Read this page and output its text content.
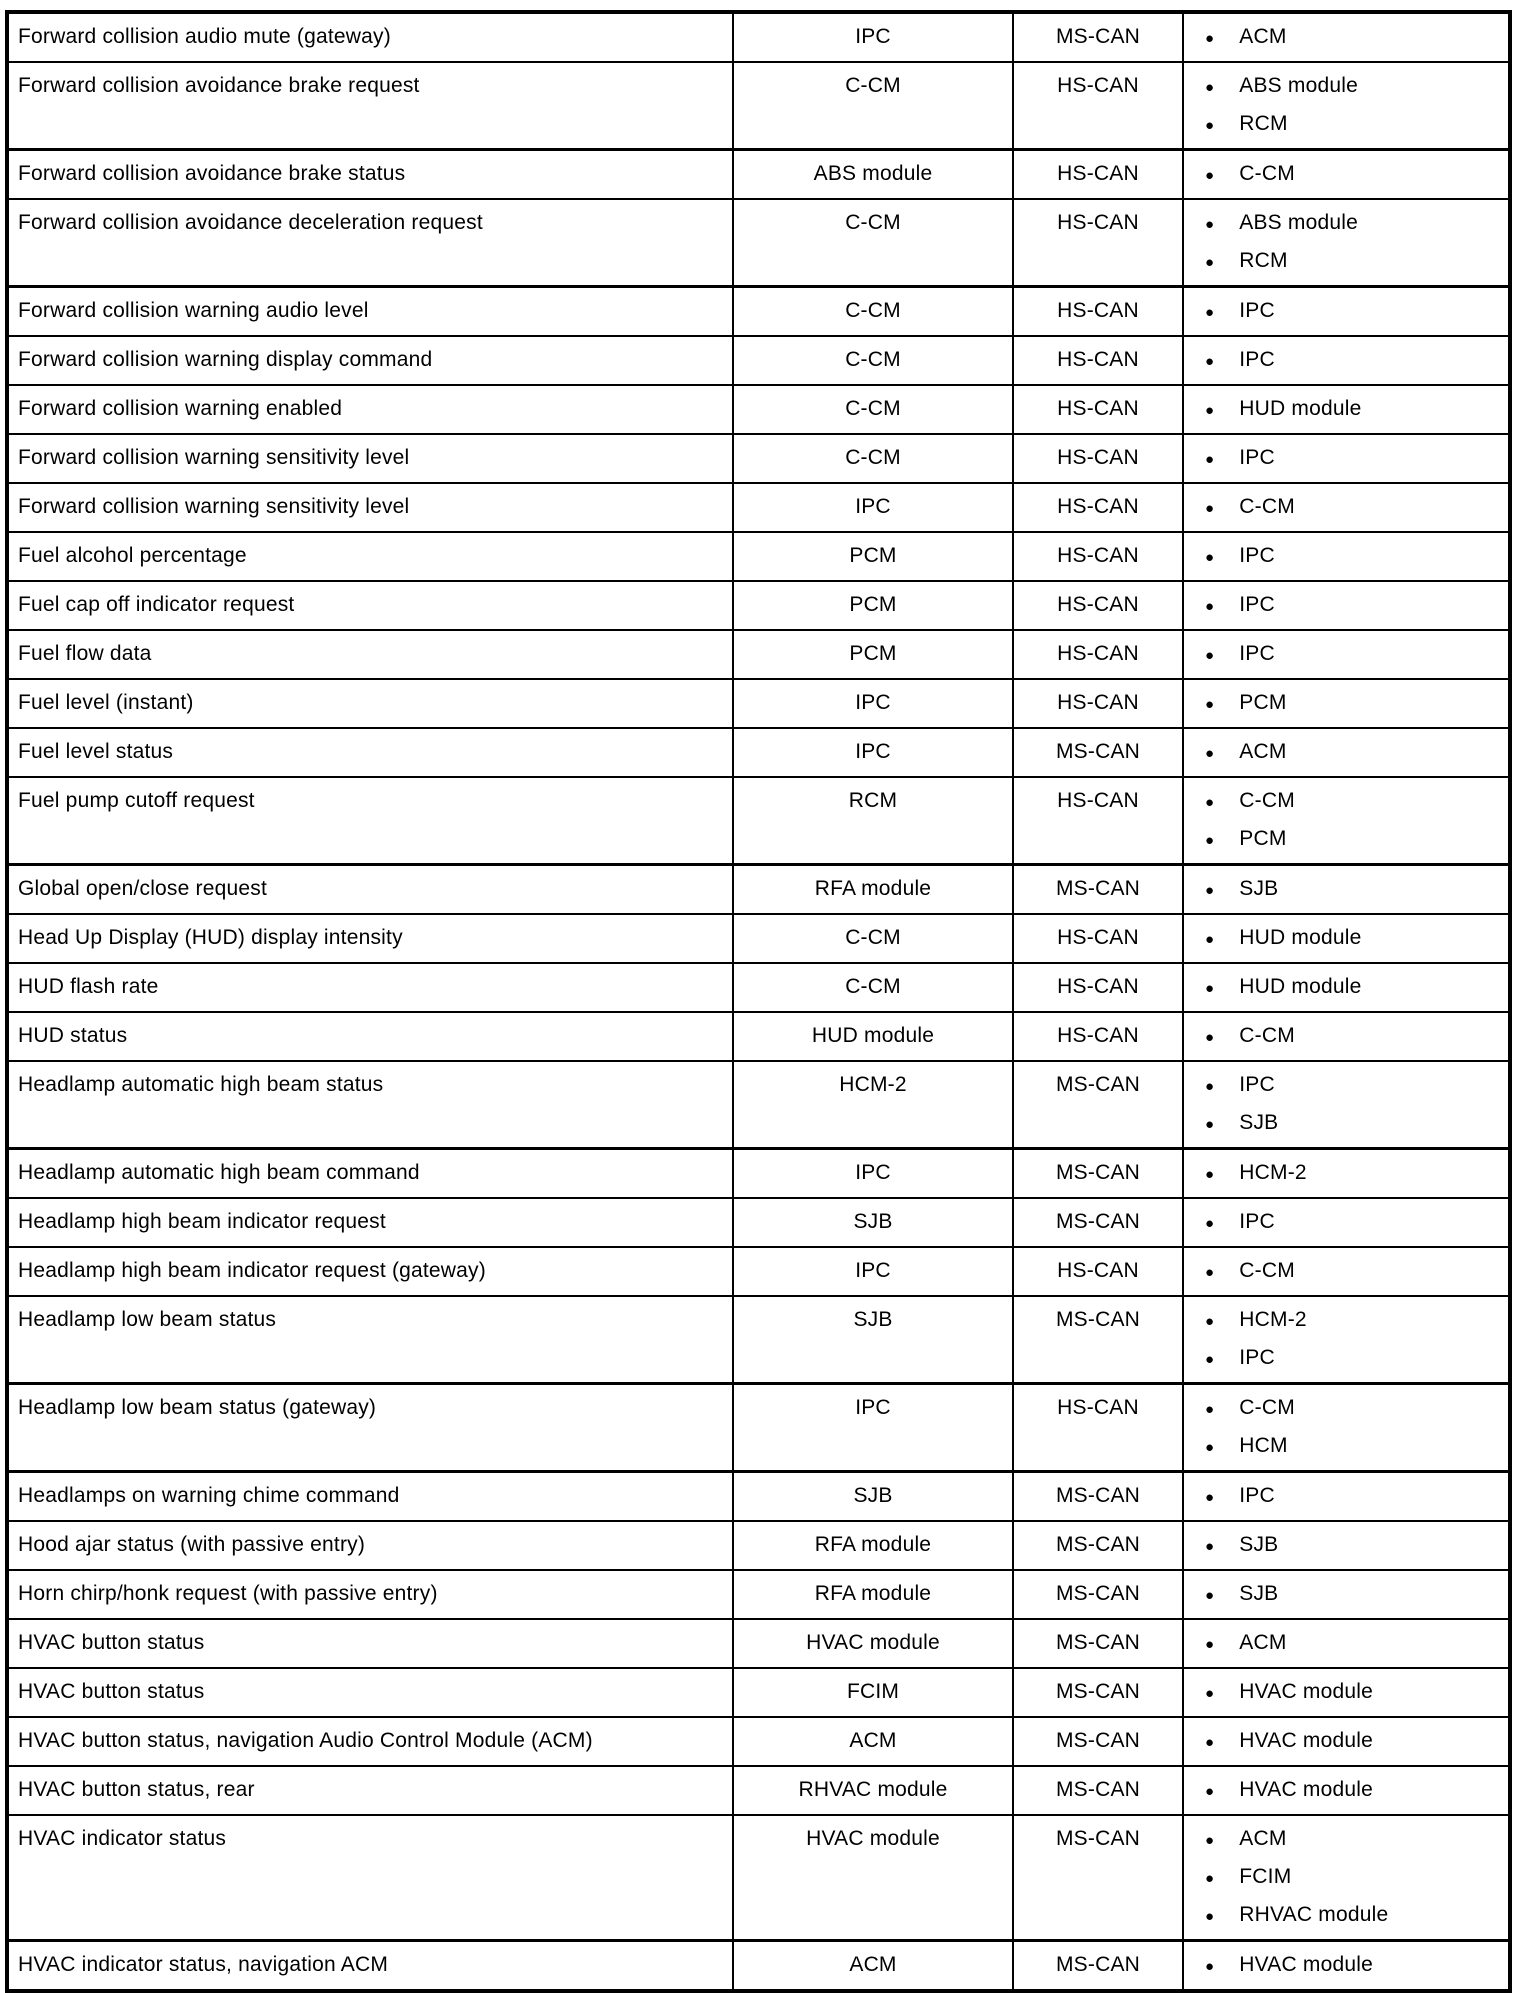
Forward collision audio mute (gateway)	IPC	MS-CAN	● ACM

Forward collision avoidance brake request	C-CM	HS-CAN	● ABS module
● RCM

Forward collision avoidance brake status	ABS module	HS-CAN	● C-CM

Forward collision avoidance deceleration request	C-CM	HS-CAN	● ABS module
● RCM

Forward collision warning audio level	C-CM	HS-CAN	● IPC

Forward collision warning display command	C-CM	HS-CAN	● IPC

Forward collision warning enabled	C-CM	HS-CAN	● HUD module

Forward collision warning sensitivity level	C-CM	HS-CAN	● IPC

Forward collision warning sensitivity level	IPC	HS-CAN	● C-CM

Fuel alcohol percentage	PCM	HS-CAN	● IPC

Fuel cap off indicator request	PCM	HS-CAN	● IPC

Fuel flow data	PCM	HS-CAN	● IPC

Fuel level (instant)	IPC	HS-CAN	● PCM

Fuel level status	IPC	MS-CAN	● ACM

Fuel pump cutoff request	RCM	HS-CAN	● C-CM
● PCM

Global open/close request	RFA module	MS-CAN	● SJB

Head Up Display (HUD) display intensity	C-CM	HS-CAN	● HUD module

HUD flash rate	C-CM	HS-CAN	● HUD module

HUD status	HUD module	HS-CAN	● C-CM

Headlamp automatic high beam status	HCM-2	MS-CAN	● IPC
● SJB

Headlamp automatic high beam command	IPC	MS-CAN	● HCM-2

Headlamp high beam indicator request	SJB	MS-CAN	● IPC

Headlamp high beam indicator request (gateway)	IPC	HS-CAN	● C-CM

Headlamp low beam status	SJB	MS-CAN	● HCM-2
● IPC

Headlamp low beam status (gateway)	IPC	HS-CAN	● C-CM
● HCM

Headlamps on warning chime command	SJB	MS-CAN	● IPC

Hood ajar status (with passive entry)	RFA module	MS-CAN	● SJB

Horn chirp/honk request (with passive entry)	RFA module	MS-CAN	● SJB

HVAC button status	HVAC module	MS-CAN	● ACM

HVAC button status	FCIM	MS-CAN	● HVAC module

HVAC button status, navigation Audio Control Module (ACM)	ACM	MS-CAN	● HVAC module

HVAC button status, rear	RHVAC module	MS-CAN	● HVAC module

HVAC indicator status	HVAC module	MS-CAN	● ACM
● FCIM
● RHVAC module

HVAC indicator status, navigation ACM	ACM	MS-CAN	● HVAC module
